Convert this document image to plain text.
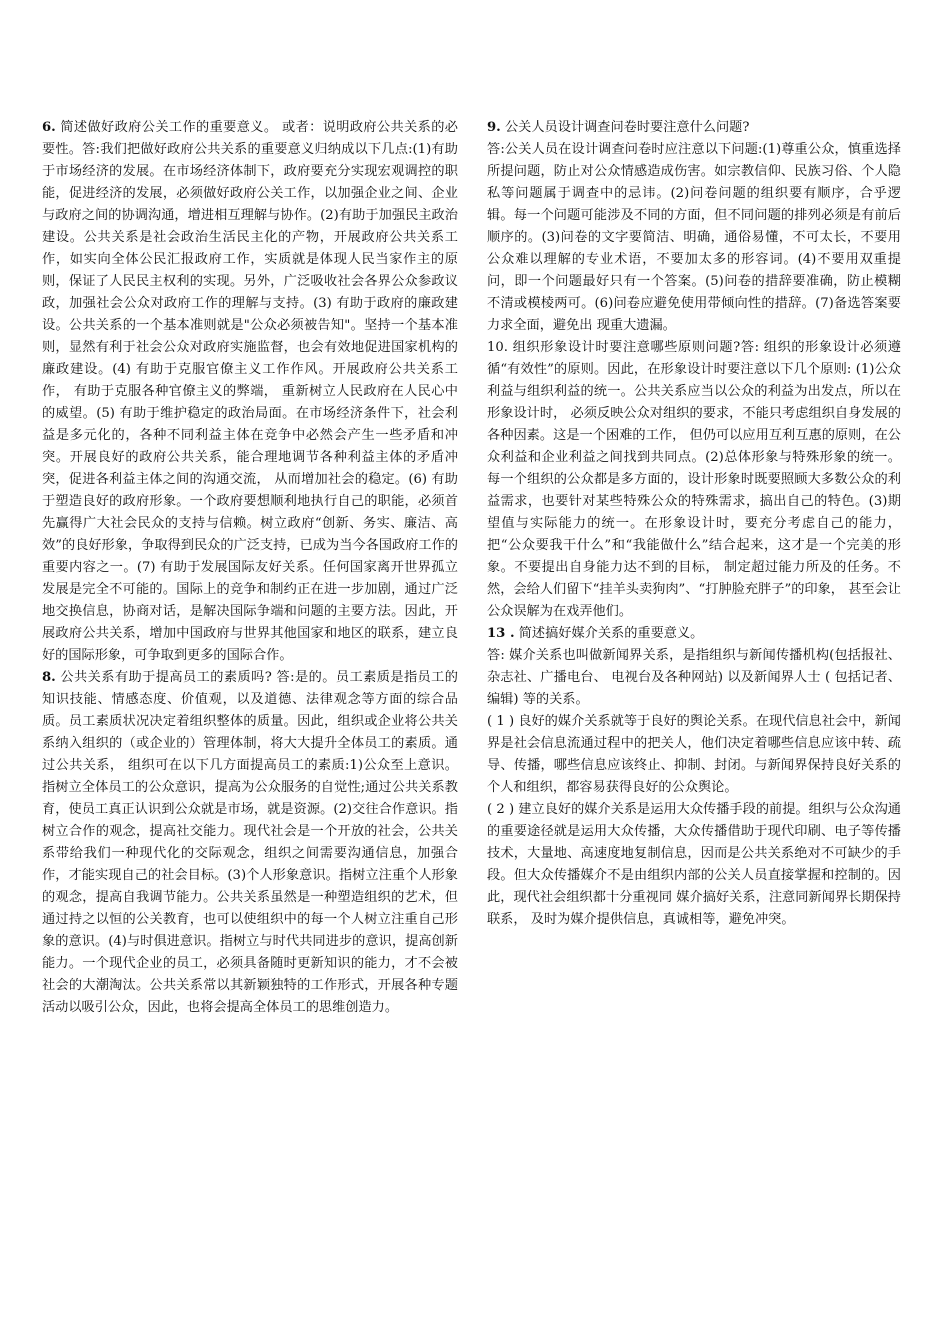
6. 简述做好政府公关工作的重要意义。 或者：说明政府公共关系的必要性。答:我们把做好政府公共关系的重要意义归纳成以下几点:(1)有助于市场经济的发展。在市场经济体制下，政府要充分实现宏观调控的职能，促进经济的发展，必须做好政府公关工作，以加强企业之间、企业与政府之间的协调沟通，增进相互理解与协作。(2)有助于加强民主政治建设。公共关系是社会政治生活民主化的产物，开展政府公共关系工作，如实向全体公民汇报政府工作，实质就是体现人民当家作主的原则，保证了人民民主权利的实现。另外，广泛吸收社会各界公众参政议政，加强社会公众对政府工作的理解与支持。(3) 有助于政府的廉政建设。公共关系的一个基本准则就是"公众必须被告知"。坚持一个基本准则，显然有利于社会公众对政府实施监督，也会有效地促进国家机构的廉政建设。(4) 有助于克服官僚主义工作作风。开展政府公共关系工作， 有助于克服各种官僚主义的弊端， 重新树立人民政府在人民心中的威望。(5) 有助于维护稳定的政治局面。在市场经济条件下，社会利益是多元化的，各种不同利益主体在竞争中必然会产生一些矛盾和冲突。开展良好的政府公共关系，能合理地调节各种利益主体的矛盾冲突，促进各利益主体之间的沟通交流， 从而增加社会的稳定。(6) 有助于塑造良好的政府形象。一个政府要想顺利地执行自己的职能，必须首先赢得广大社会民众的支持与信赖。树立政府“创新、务实、廉洁、高效”的良好形象，争取得到民众的广泛支持，已成为当今各国政府工作的重要内容之一。(7) 有助于发展国际友好关系。任何国家离开世界孤立发展是完全不可能的。国际上的竞争和制约正在进一步加剧，通过广泛地交换信息，协商对话，是解决国际争端和问题的主要方法。因此，开展政府公共关系，增加中国政府与世界其他国家和地区的联系，建立良好的国际形象，可争取到更多的国际合作。

8. 公共关系有助于提高员工的素质吗? 答:是的。员工素质是指员工的知识技能、情感态度、价值观，以及道德、法律观念等方面的综合品质。员工素质状况决定着组织整体的质量。因此，组织或企业将公共关系纳入组织的（或企业的）管理体制，将大大提升全体员工的素质。通过公共关系， 组织可在以下几方面提高员工的素质:1)公众至上意识。指树立全体员工的公众意识，提高为公众服务的自觉性;通过公共关系教育，使员工真正认识到公众就是市场，就是资源。(2)交往合作意识。指树立合作的观念，提高社交能力。现代社会是一个开放的社会，公共关系带给我们一种现代化的交际观念，组织之间需要沟通信息，加强合作，才能实现自己的社会目标。(3)个人形象意识。指树立注重个人形象的观念，提高自我调节能力。公共关系虽然是一种塑造组织的艺术，但通过持之以恒的公关教育，也可以使组织中的每一个人树立注重自己形象的意识。(4)与时俱进意识。指树立与时代共同进步的意识，提高创新能力。一个现代企业的员工，必须具备随时更新知识的能力，才不会被社会的大潮淘汰。公共关系常以其新颖独特的工作形式，开展各种专题活动以吸引公众，因此，也将会提高全体员工的思维创造力。

9. 公关人员设计调查问卷时要注意什么问题?
答:公关人员在设计调查问卷时应注意以下问题:(1)尊重公众，慎重选择所提问题，防止对公众情感造成伤害。如宗教信仰、民族习俗、个人隐私等问题属于调查中的忌讳。(2)问卷问题的组织要有顺序，合乎逻辑。每一个问题可能涉及不同的方面，但不同问题的排列必须是有前后顺序的。(3)问卷的文字要简洁、明确，通俗易懂，不可太长，不要用公众难以理解的专业术语，不要加太多的形容词。(4)不要用双重提问，即一个问题最好只有一个答案。(5)问卷的措辞要准确，防止模糊不清或模棱两可。(6)问卷应避免使用带倾向性的措辞。(7)备选答案要力求全面，避免出 现重大遗漏。

10. 组织形象设计时要注意哪些原则问题?答: 组织的形象设计必须遵循“有效性”的原则。因此，在形象设计时要注意以下几个原则: (1)公众利益与组织利益的统一。公共关系应当以公众的利益为出发点，所以在形象设计时， 必须反映公众对组织的要求，不能只考虑组织自身发展的各种因素。这是一个困难的工作， 但仍可以应用互利互惠的原则，在公众利益和企业利益之间找到共同点。(2)总体形象与特殊形象的统一。每一个组织的公众都是多方面的，设计形象时既要照顾大多数公众的利益需求，也要针对某些特殊公众的特殊需求，搞出自己的特色。(3)期望值与实际能力的统一。在形象设计时，要充分考虑自己的能力，把“公众要我干什么”和“我能做什么”结合起来，这才是一个完美的形象。不要提出自身能力达不到的目标， 制定超过能力所及的任务。不然，会给人们留下“挂羊头卖狗肉”、“打肿脸充胖子”的印象， 甚至会让公众误解为在戏弄他们。

13 . 简述搞好媒介关系的重要意义。

答: 媒介关系也叫做新闻界关系，是指组织与新闻传播机构(包括报社、杂志社、广播电台、 电视台及各种网站) 以及新闻界人士 ( 包括记者、 编辑) 等的关系。

( 1 ) 良好的媒介关系就等于良好的舆论关系。在现代信息社会中，新闻界是社会信息流通过程中的把关人，他们决定着哪些信息应该中转、疏导、传播，哪些信息应该终止、抑制、封闭。与新闻界保持良好关系的个人和组织，都容易获得良好的公众舆论。

( 2 ) 建立良好的媒介关系是运用大众传播手段的前提。组织与公众沟通的重要途径就是运用大众传播，大众传播借助于现代印刷、电子等传播技术，大量地、高速度地复制信息，因而是公共关系绝对不可缺少的手段。但大众传播媒介不是由组织内部的公关人员直接掌握和控制的。因此，现代社会组织都十分重视同 媒介搞好关系，注意同新闻界长期保持联系， 及时为媒介提供信息，真诚相等，避免冲突。
